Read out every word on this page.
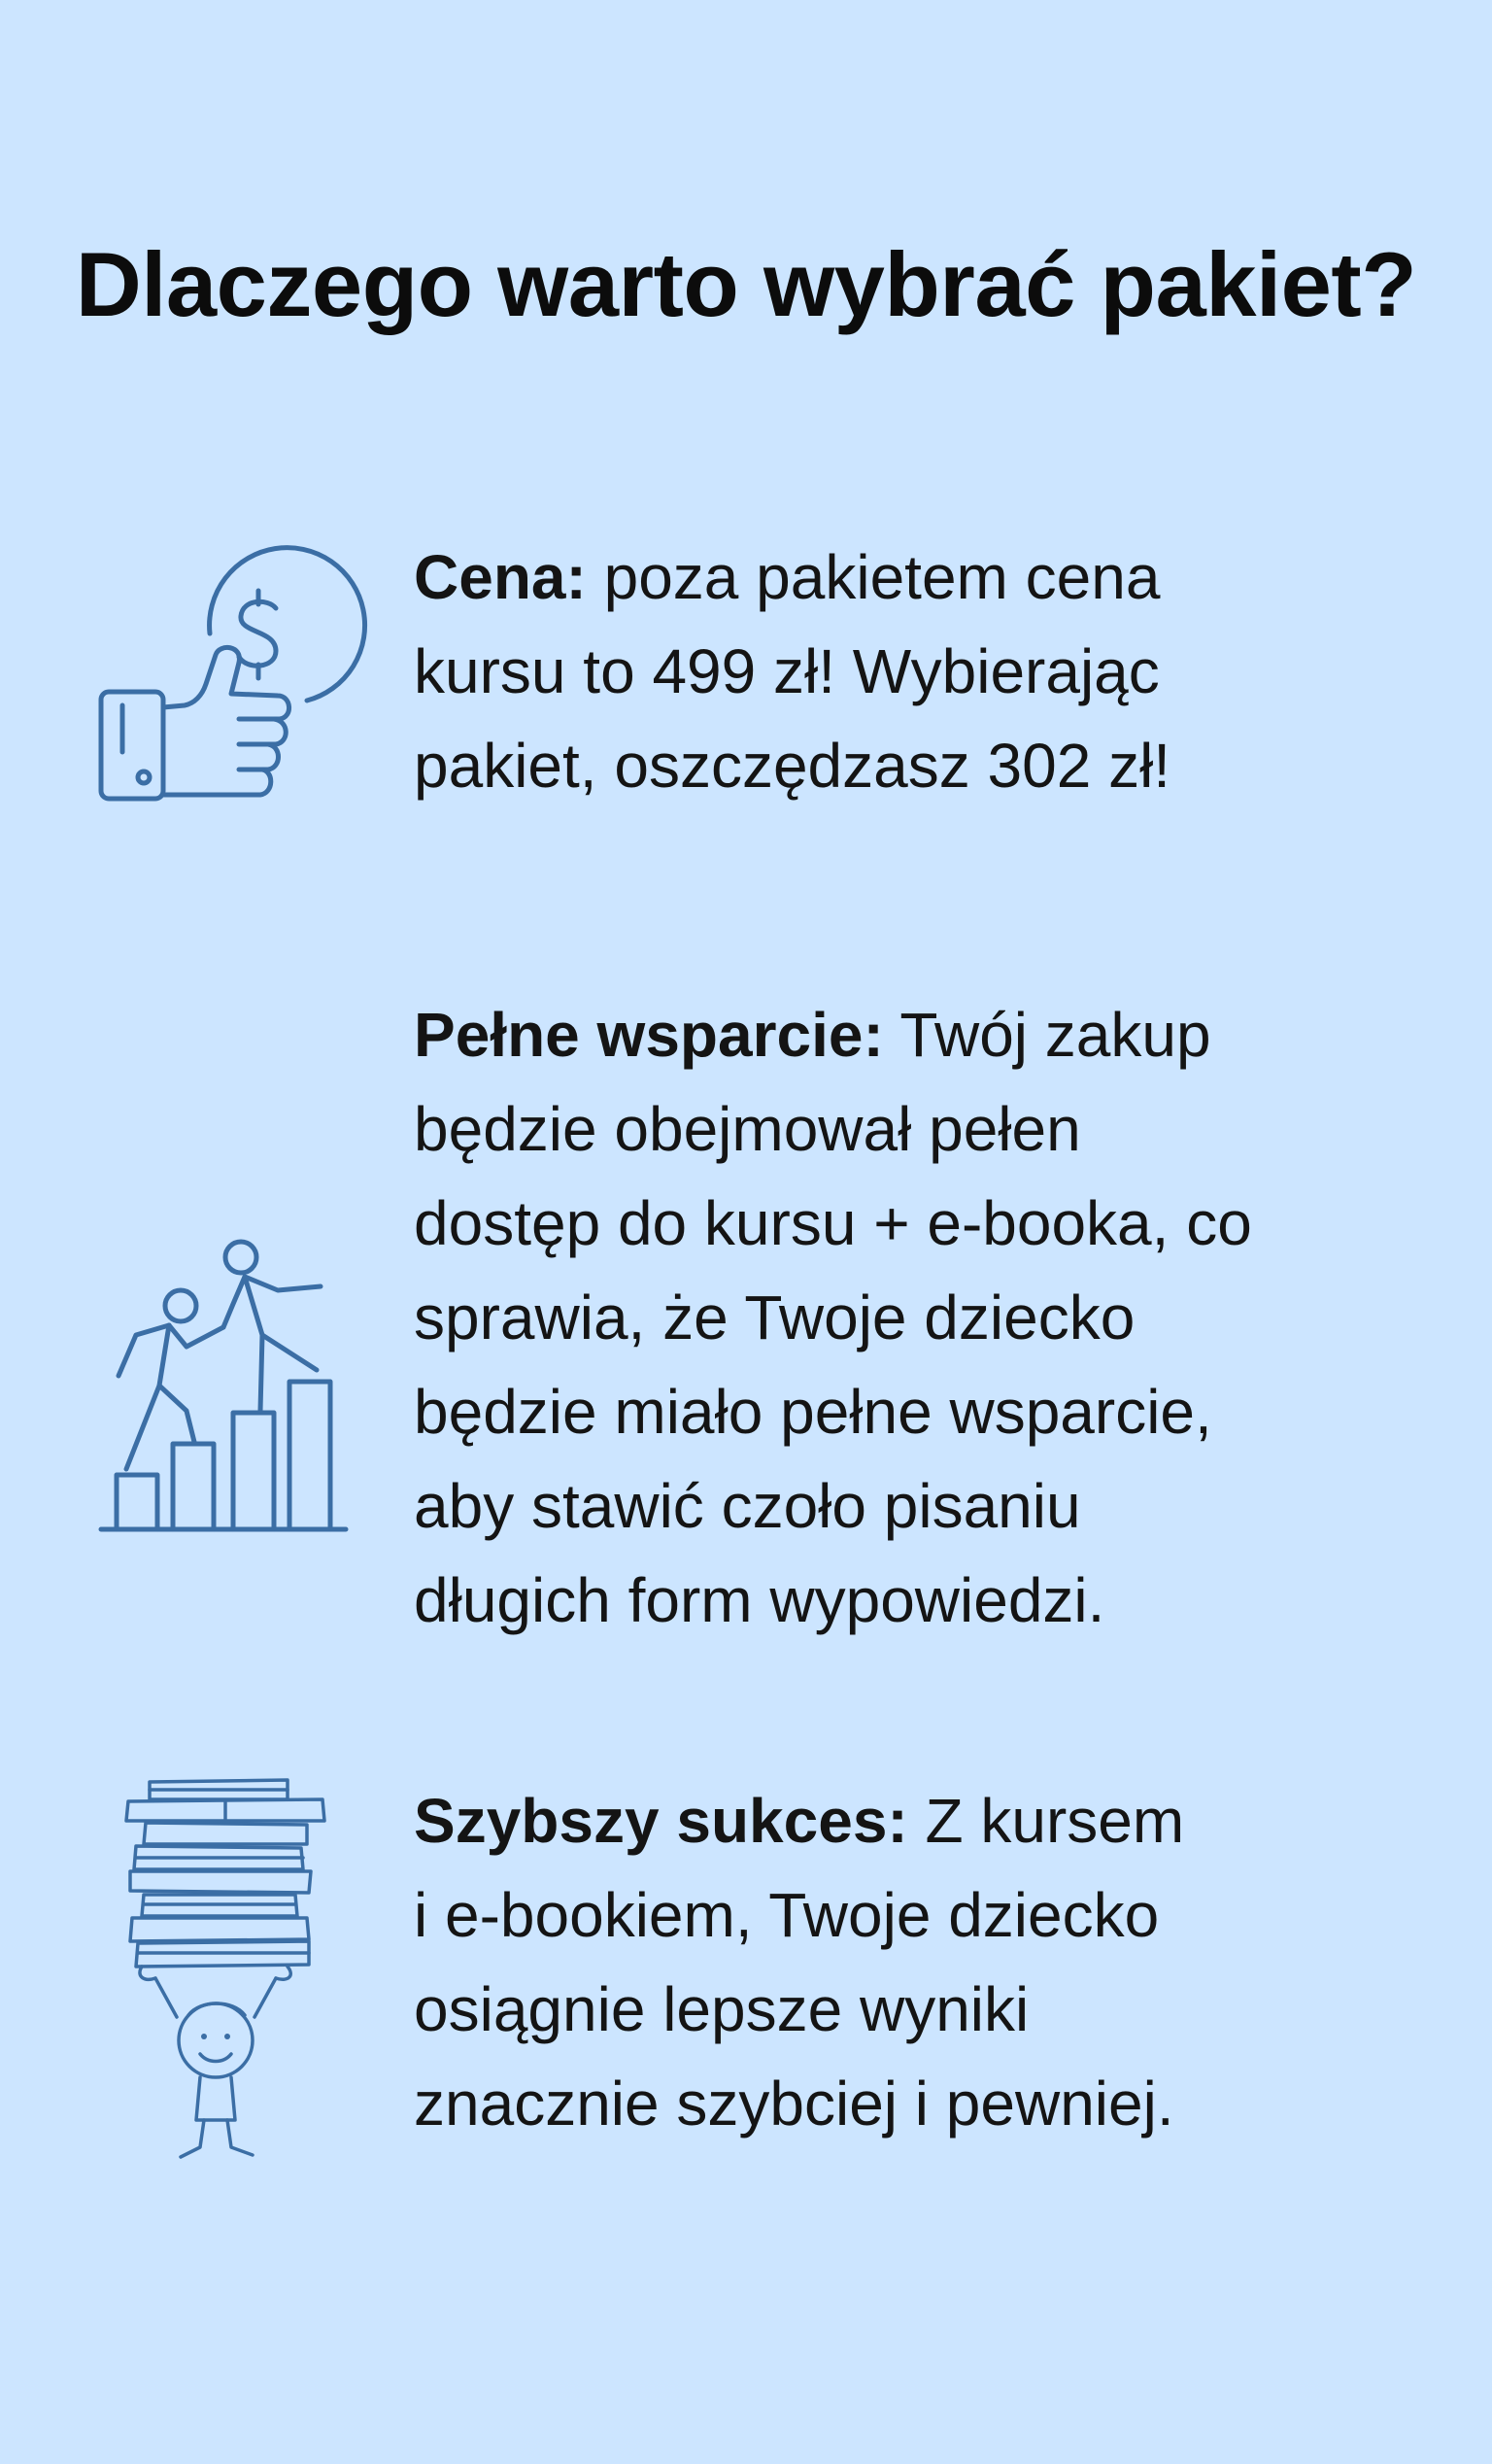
Dlaczego warto wybrać pakiet?

Cena: poza pakietem cena
kursu to 499 zł! Wybierając
pakiet, oszczędzasz 302 zł!

Pełne wsparcie: Twój zakup
będzie obejmował pełen
dostęp do kursu + e-booka, co
sprawia, że Twoje dziecko
będzie miało pełne wsparcie,
aby stawić czoło pisaniu
długich form wypowiedzi.

Szybszy sukces: Z kursem
i e-bookiem, Twoje dziecko
osiągnie lepsze wyniki
znacznie szybciej i pewniej.
